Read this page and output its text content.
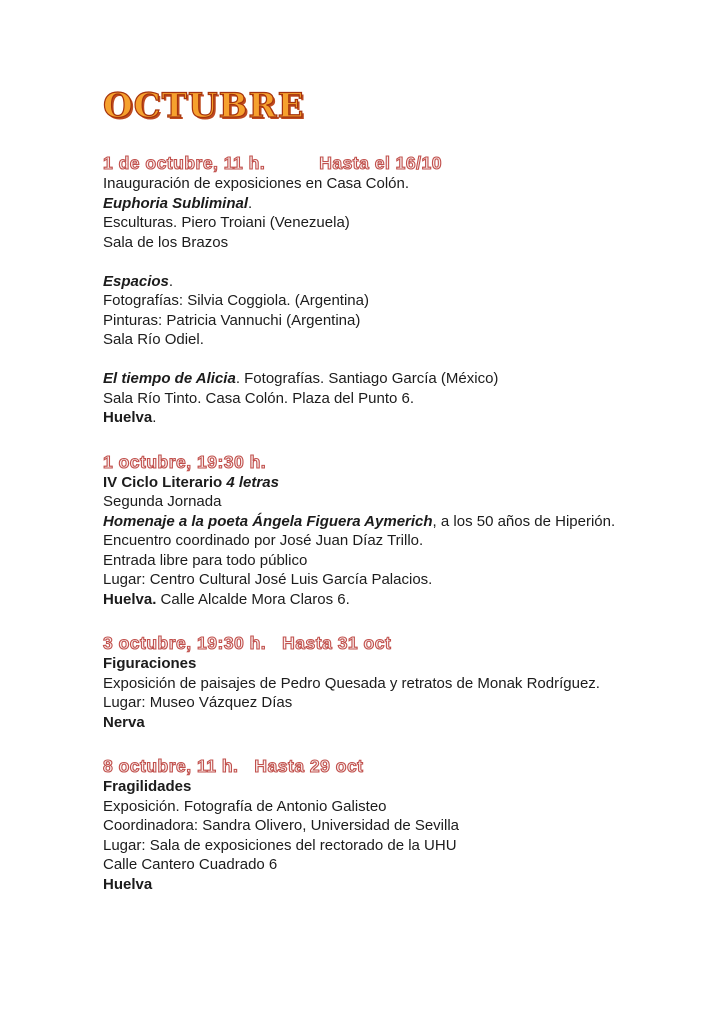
OCTUBRE
1 de octubre, 11 h.	Hasta el 16/10
Inauguración de exposiciones en Casa Colón.
Euphoria Subliminal.
Esculturas. Piero Troiani (Venezuela)
Sala de los Brazos
Espacios.
Fotografías: Silvia Coggiola. (Argentina)
Pinturas: Patricia Vannuchi (Argentina)
Sala Río Odiel.
El tiempo de Alicia. Fotografías. Santiago García (México)
Sala Río Tinto. Casa Colón. Plaza del Punto 6.
Huelva.
1 octubre, 19:30 h.
IV Ciclo Literario 4 letras
Segunda Jornada
Homenaje a la poeta Ángela Figuera Aymerich, a los 50 años de Hiperión.
Encuentro coordinado por José Juan Díaz Trillo.
Entrada libre para todo público
Lugar: Centro Cultural José Luis García Palacios.
Huelva. Calle Alcalde Mora Claros 6.
3 octubre, 19:30 h. Hasta 31 oct
Figuraciones
Exposición de paisajes de Pedro Quesada y retratos de Monak Rodríguez.
Lugar: Museo Vázquez Días
Nerva
8 octubre, 11 h. Hasta 29 oct
Fragilidades
Exposición. Fotografía de Antonio Galisteo
Coordinadora: Sandra Olivero, Universidad de Sevilla
Lugar: Sala de exposiciones del rectorado de la UHU
Calle Cantero Cuadrado 6
Huelva
